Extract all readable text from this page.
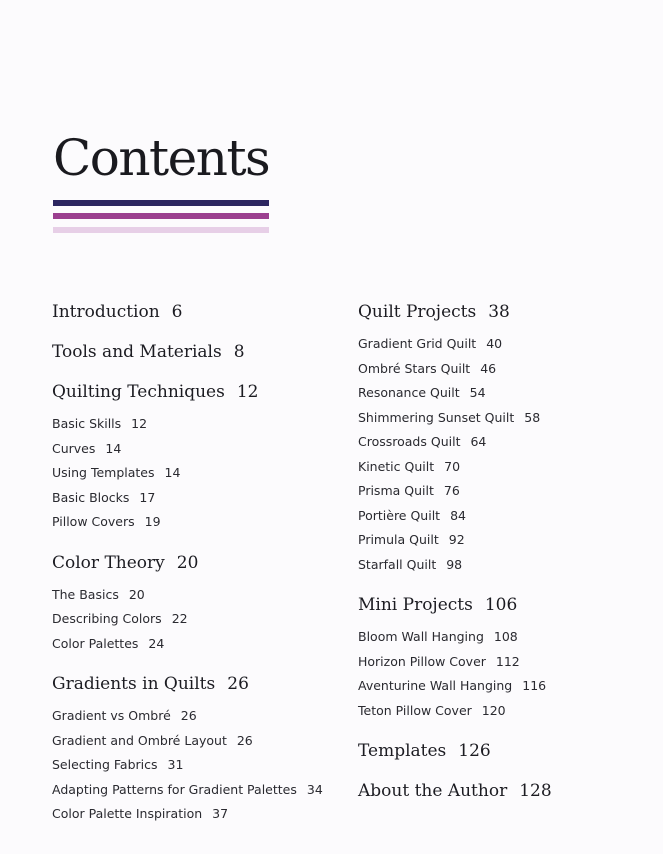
Contents
Introduction 6
Tools and Materials 8
Quilting Techniques 12
Basic Skills 12
Curves 14
Using Templates 14
Basic Blocks 17
Pillow Covers 19
Color Theory 20
The Basics 20
Describing Colors 22
Color Palettes 24
Gradients in Quilts 26
Gradient vs Ombré 26
Gradient and Ombré Layout 26
Selecting Fabrics 31
Adapting Patterns for Gradient Palettes 34
Color Palette Inspiration 37
Quilt Projects 38
Gradient Grid Quilt 40
Ombré Stars Quilt 46
Resonance Quilt 54
Shimmering Sunset Quilt 58
Crossroads Quilt 64
Kinetic Quilt 70
Prisma Quilt 76
Portière Quilt 84
Primula Quilt 92
Starfall Quilt 98
Mini Projects 106
Bloom Wall Hanging 108
Horizon Pillow Cover 112
Aventurine Wall Hanging 116
Teton Pillow Cover 120
Templates 126
About the Author 128
